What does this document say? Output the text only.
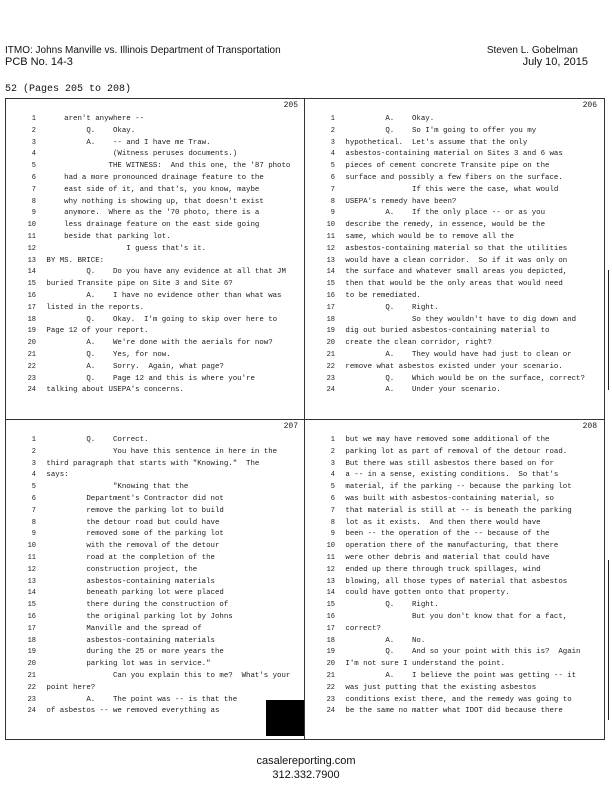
ITMO: Johns Manville vs. Illinois Department of Transportation
PCB No. 14-3
Steven L. Gobelman
July 10, 2015
52 (Pages 205 to 208)
205
1     aren't anywhere --
2          Q.    Okay.
3          A.    -- and I have me Traw.
4                (Witness peruses documents.)
5               THE WITNESS:  And this one, the '87 photo
6     had a more pronounced drainage feature to the
7     east side of it, and that's, you know, maybe
8     why nothing is showing up, that doesn't exist
9     anymore.  Where as the '70 photo, there is a
10     less drainage feature on the east side going
11     beside that parking lot.
12                   I guess that's it.
13 BY MS. BRICE:
14          Q.    Do you have any evidence at all that JM
15 buried Transite pipe on Site 3 and Site 6?
16          A.    I have no evidence other than what was
17 listed in the reports.
18          Q.    Okay.  I'm going to skip over here to
19 Page 12 of your report.
20          A.    We're done with the aerials for now?
21          Q.    Yes, for now.
22          A.    Sorry.  Again, what page?
23          Q.    Page 12 and this is where you're
24 talking about USEPA's concerns.
206
1          A.    Okay.
2          Q.    So I'm going to offer you my
3 hypothetical.  Let's assume that the only
4 asbestos-containing material on Sites 3 and 6 was
5 pieces of cement concrete Transite pipe on the
6 surface and possibly a few fibers on the surface.
7                If this were the case, what would
8 USEPA's remedy have been?
9          A.    If the only place -- or as you
10 describe the remedy, in essence, would be the
11 same, which would be to remove all the
12 asbestos-containing material so that the utilities
13 would have a clean corridor.  So if it was only on
14 the surface and whatever small areas you depicted,
15 then that would be the only areas that would need
16 to be remediated.
17          Q.    Right.
18                So they wouldn't have to dig down and
19 dig out buried asbestos-containing material to
20 create the clean corridor, right?
21          A.    They would have had just to clean or
22 remove what asbestos existed under your scenario.
23          Q.    Which would be on the surface, correct?
24          A.    Under your scenario.
207
1          Q.    Correct.
2                You have this sentence in here in the
3 third paragraph that starts with "Knowing."  The
4 says:
5                "Knowing that the
6          Department's Contractor did not
7          remove the parking lot to build
8          the detour road but could have
9          removed some of the parking lot
10          with the removal of the detour
11          road at the completion of the
12          construction project, the
13          asbestos-containing materials
14          beneath parking lot were placed
15          there during the construction of
16          the original parking lot by Johns
17          Manville and the spread of
18          asbestos-containing materials
19          during the 25 or more years the
20          parking lot was in service."
21                Can you explain this to me?  What's your
22 point here?
23          A.    The point was -- is that the
24 of asbestos -- we removed everything as
208
1 but we may have removed some additional of the
2 parking lot as part of removal of the detour road.
3 But there was still asbestos there based on for
4 a -- in a sense, existing conditions.  So that's
5 material, if the parking -- because the parking lot
6 was built with asbestos-containing material, so
7 that material is still at -- is beneath the parking
8 lot as it exists.  And then there would have
9 been -- the operation of the -- because of the
10 operation there of the manufacturing, that there
11 were other debris and material that could have
12 ended up there through truck spillages, wind
13 blowing, all those types of material that asbestos
14 could have gotten onto that property.
15          Q.    Right.
16                But you don't know that for a fact,
17 correct?
18          A.    No.
19          Q.    And so your point with this is?  Again
20 I'm not sure I understand the point.
21          A.    I believe the point was getting -- it
22 was just putting that the existing asbestos
23 conditions exist there, and the remedy was going to
24 be the same no matter what IDOT did because there
casalereporting.com
312.332.7900
